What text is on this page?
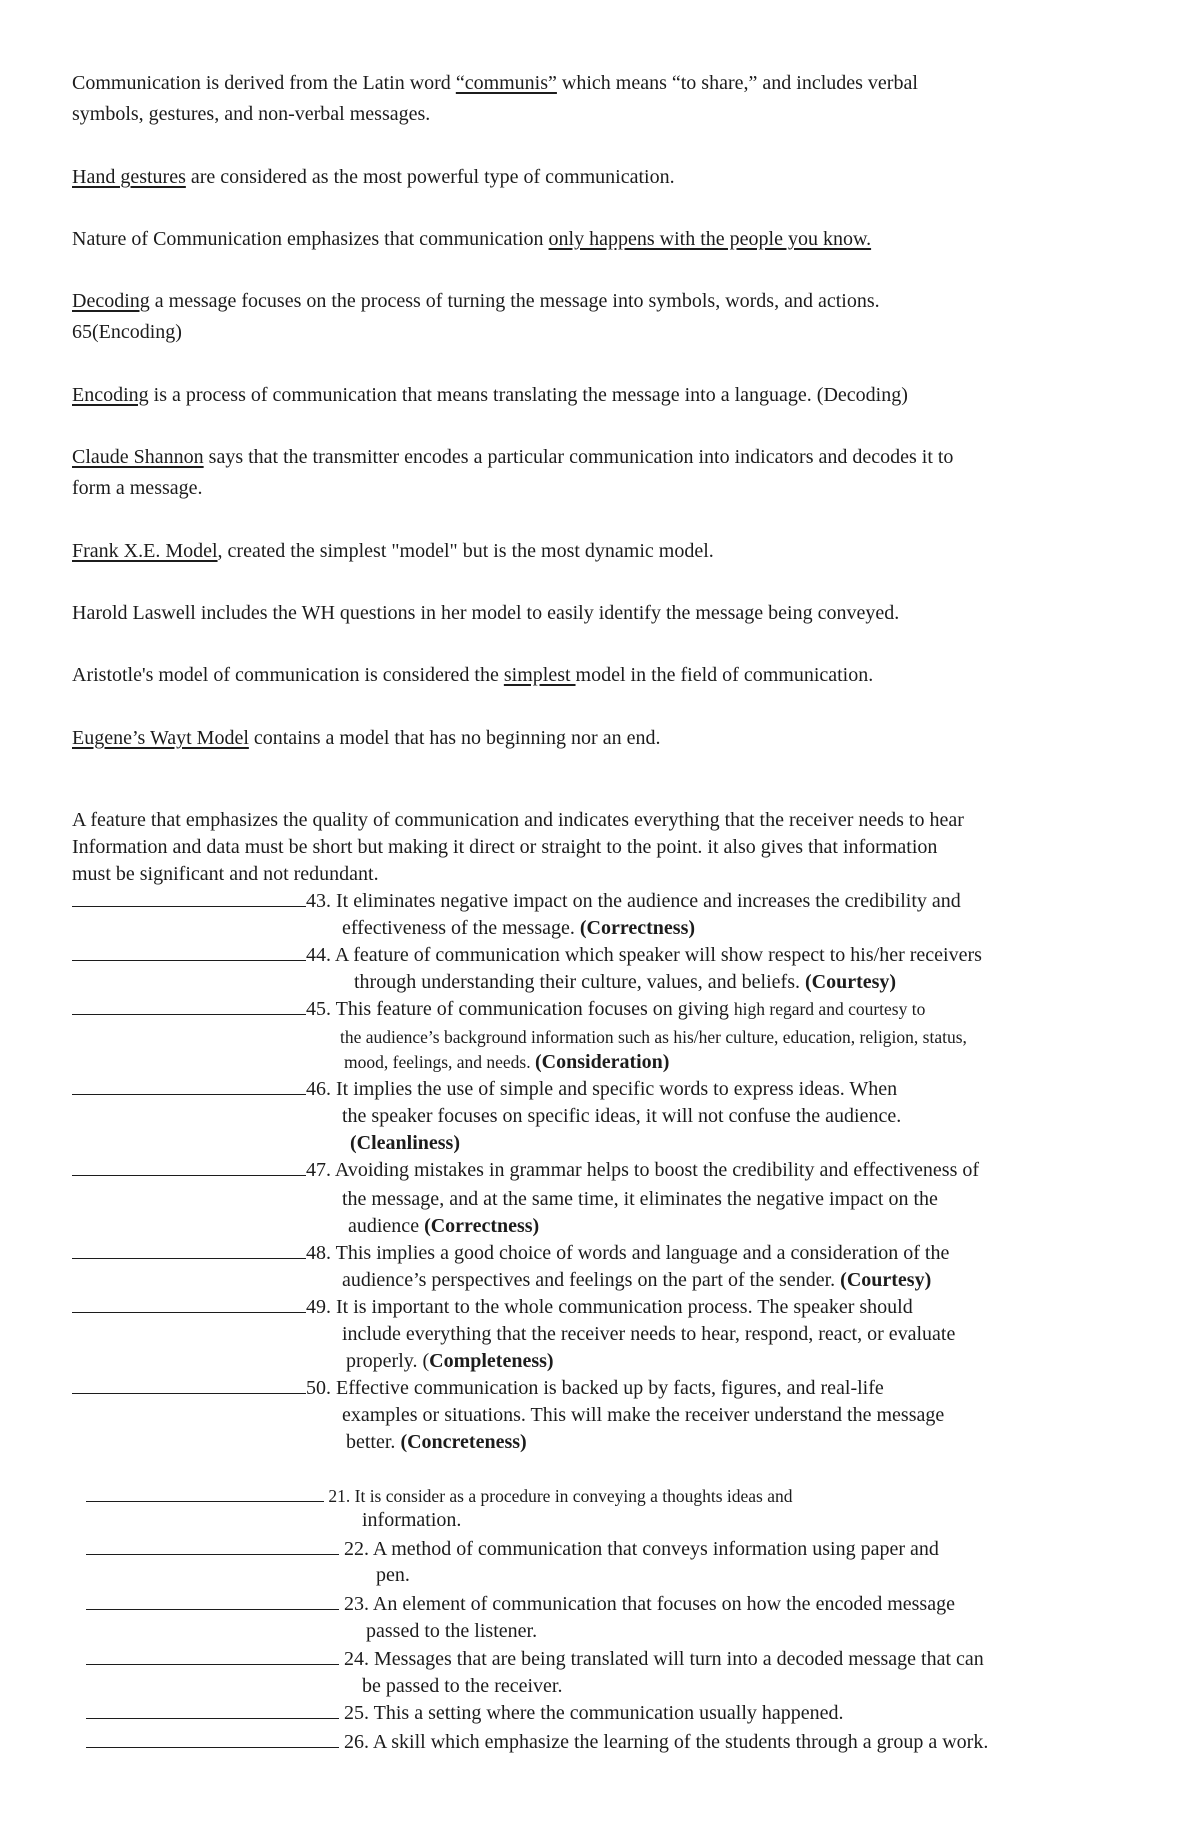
Communication is derived from the Latin word “communis” which means “to share,” and includes verbal
symbols, gestures, and non-verbal messages.
Hand gestures are considered as the most powerful type of communication.
Nature of Communication emphasizes that communication only happens with the people you know.
Decoding a message focuses on the process of turning the message into symbols, words, and actions.
65(Encoding)
Encoding is a process of communication that means translating the message into a language. (Decoding)
Claude Shannon says that the transmitter encodes a particular communication into indicators and decodes it to
form a message.
Frank X.E. Model, created the simplest "model" but is the most dynamic model.
Harold Laswell includes the WH questions in her model to easily identify the message being conveyed.
Aristotle's model of communication is considered the simplest model in the field of communication.
Eugene’s Wayt Model contains a model that has no beginning nor an end.
A feature that emphasizes the quality of communication and indicates everything that the receiver needs to hear
Information and data must be short but making it direct or straight to the point. it also gives that information
must be significant and not redundant.
43. It eliminates negative impact on the audience and increases the credibility and
effectiveness of the message. (Correctness)
44. A feature of communication which speaker will show respect to his/her receivers
through understanding their culture, values, and beliefs. (Courtesy)
45. This feature of communication focuses on giving high regard and courtesy to
the audience’s background information such as his/her culture, education, religion, status,
mood, feelings, and needs. (Consideration)
46. It implies the use of simple and specific words to express ideas. When
the speaker focuses on specific ideas, it will not confuse the audience.
(Cleanliness)
47. Avoiding mistakes in grammar helps to boost the credibility and effectiveness of
the message, and at the same time, it eliminates the negative impact on the
audience (Correctness)
48. This implies a good choice of words and language and a consideration of the
audience’s perspectives and feelings on the part of the sender. (Courtesy)
49. It is important to the whole communication process. The speaker should
include everything that the receiver needs to hear, respond, react, or evaluate
properly. (Completeness)
50. Effective communication is backed up by facts, figures, and real-life
examples or situations. This will make the receiver understand the message
better. (Concreteness)
21. It is consider as a procedure in conveying a thoughts ideas and
information.
22. A method of communication that conveys information using paper and
pen.
23. An element of communication that focuses on how the encoded message
passed to the listener.
24. Messages that are being translated will turn into a decoded message that can
be passed to the receiver.
25. This a setting where the communication usually happened.
26. A skill which emphasize the learning of the students through a group a work.
